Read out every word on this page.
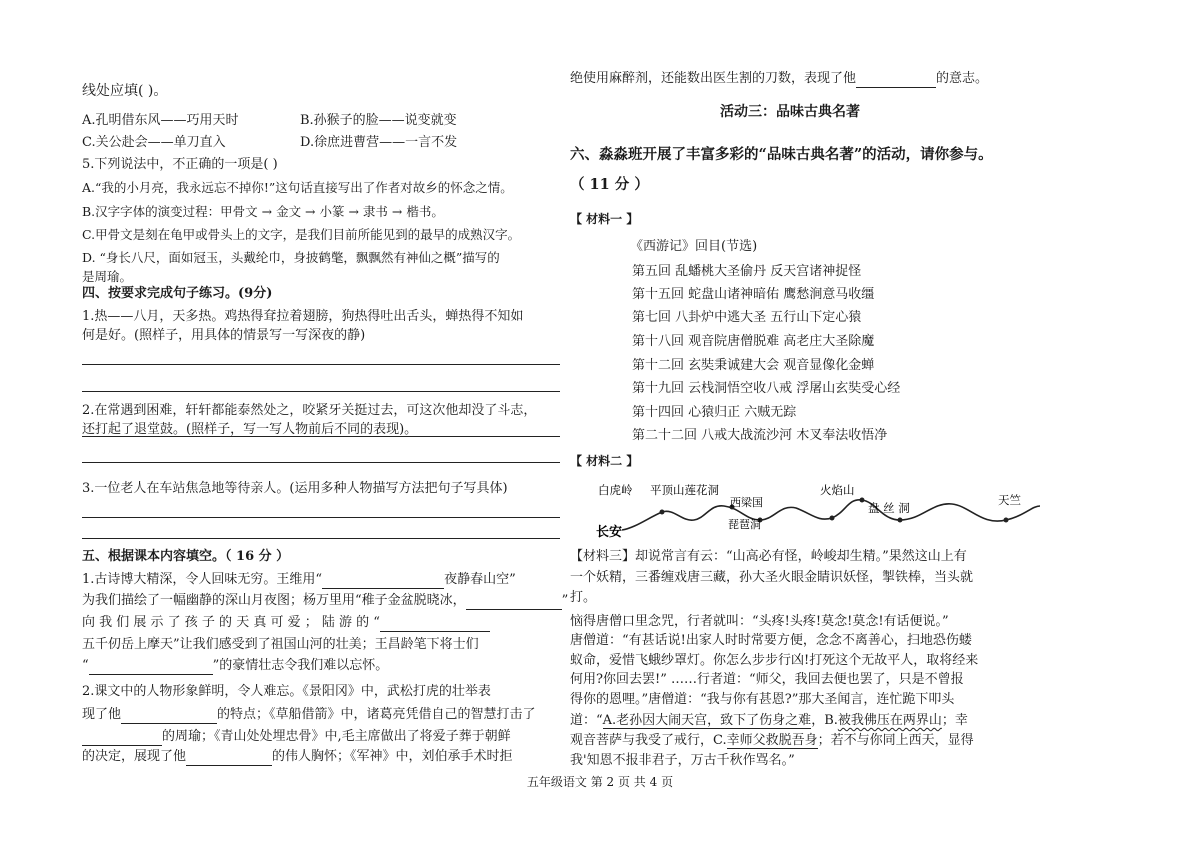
线处应填( )。
A.孔明借东风——巧用天时	B.孙猴子的脸——说变就变
C.关公赴会——单刀直入	D.徐庶进曹营——一言不发
5.下列说法中，不正确的一项是( )
A.“我的小月亮，我永远忘不掉你!”这句话直接写出了作者对故乡的怀念之情。
B.汉字字体的演变过程：甲骨文 → 金文 → 小篆 → 隶书 → 楷书。
C.甲骨文是刻在龟甲或骨头上的文字，是我们目前所能见到的最早的成熟汉字。
D. “身长八尺，面如冠玉，头戴纶巾，身披鹤氅，飘飘然有神仙之概”描写的
是周瑜。
四、按要求完成句子练习。(9分)
1.热——八月，天多热。鸡热得耷拉着翅膀，狗热得吐出舌头，蝉热得不知如
何是好。(照样子，用具体的情景写一写深夜的静)
2.在常遇到困难，轩轩都能泰然处之，咬紧牙关挺过去，可这次他却没了斗志，
还打起了退堂鼓。(照样子，写一写人物前后不同的表现)。
3.一位老人在车站焦急地等待亲人。(运用多种人物描写方法把句子写具体)
五、根据课本内容填空。（ 16 分 ）
1.古诗博大精深，令人回味无穷。王维用“	夜静春山空”
为我们描绘了一幅幽静的深山月夜图；杨万里用“稚子金盆脱晓冰，	”
向 我 们 展 示 了 孩 子 的 天 真 可 爱 ； 陆 游 的 “
五千仞岳上摩天”让我们感受到了祖国山河的壮美；王昌龄笔下将士们
“	”的豪情壮志令我们难以忘怀。
2.课文中的人物形象鲜明，令人难忘。《景阳冈》中，武松打虎的壮举表
现了他	的特点；《草船借箭》中，诸葛亮凭借自己的智慧打击了
的周瑜；《青山处处埋忠骨》中,毛主席做出了将爱子葬于朝鲜
的决定，展现了他	的伟人胸怀；《军神》中，刘伯承手术时拒
绝使用麻醉剂，还能数出医生割的刀数，表现了他	的意志。
活动三：品味古典名著
六、淼淼班开展了丰富多彩的“品味古典名著”的活动，请你参与。
（ 11 分 ）
【 材料一 】
《西游记》回目(节选)
第五回 乱蟠桃大圣偷丹 反天宫诸神捉怪
第十五回 蛇盘山诸神暗佑 鹰愁涧意马收缰
第七回 八卦炉中逃大圣 五行山下定心猿
第十八回 观音院唐僧脱难 高老庄大圣除魔
第十二回 玄奘秉诚建大会 观音显像化金蝉
第十九回 云栈洞悟空收八戒 浮屠山玄奘受心经
第十四回 心猿归正 六贼无踪
第二十二回 八戒大战流沙河 木叉奉法收悟净
【 材料二 】
白虎岭 平顶山莲花洞
西梁国
琵琶洞
火焰山
盘 丝 洞
天竺
长安
【材料三】却说常言有云：“山高必有怪，岭峻却生精。”果然这山上有
一个妖精，三番缠戏唐三藏，孙大圣火眼金睛识妖怪，掣铁棒，当头就
打。
恼得唐僧口里念咒，行者就叫：“头疼!头疼!莫念!莫念!有话便说。”
唐僧道：“有甚话说!出家人时时常要方便，念念不离善心，扫地恐伤蝼
蚁命，爱惜飞蛾纱罩灯。你怎么步步行凶!打死这个无故平人，取将经来
何用?你回去罢!” ……行者道：“师父，我回去便也罢了，只是不曾报
得你的恩哩。”唐僧道：“我与你有甚恩?”那大圣闻言，连忙跪下叩头
道：“A.老孙因大闹天宫，致下了伤身之难，B.被我佛压在两界山；幸
观音菩萨与我受了戒行，C.幸师父救脱吾身；若不与你同上西天，显得
我'知恩不报非君子，万古千秋作骂名。”
五年级语文 第 2 页 共 4 页
